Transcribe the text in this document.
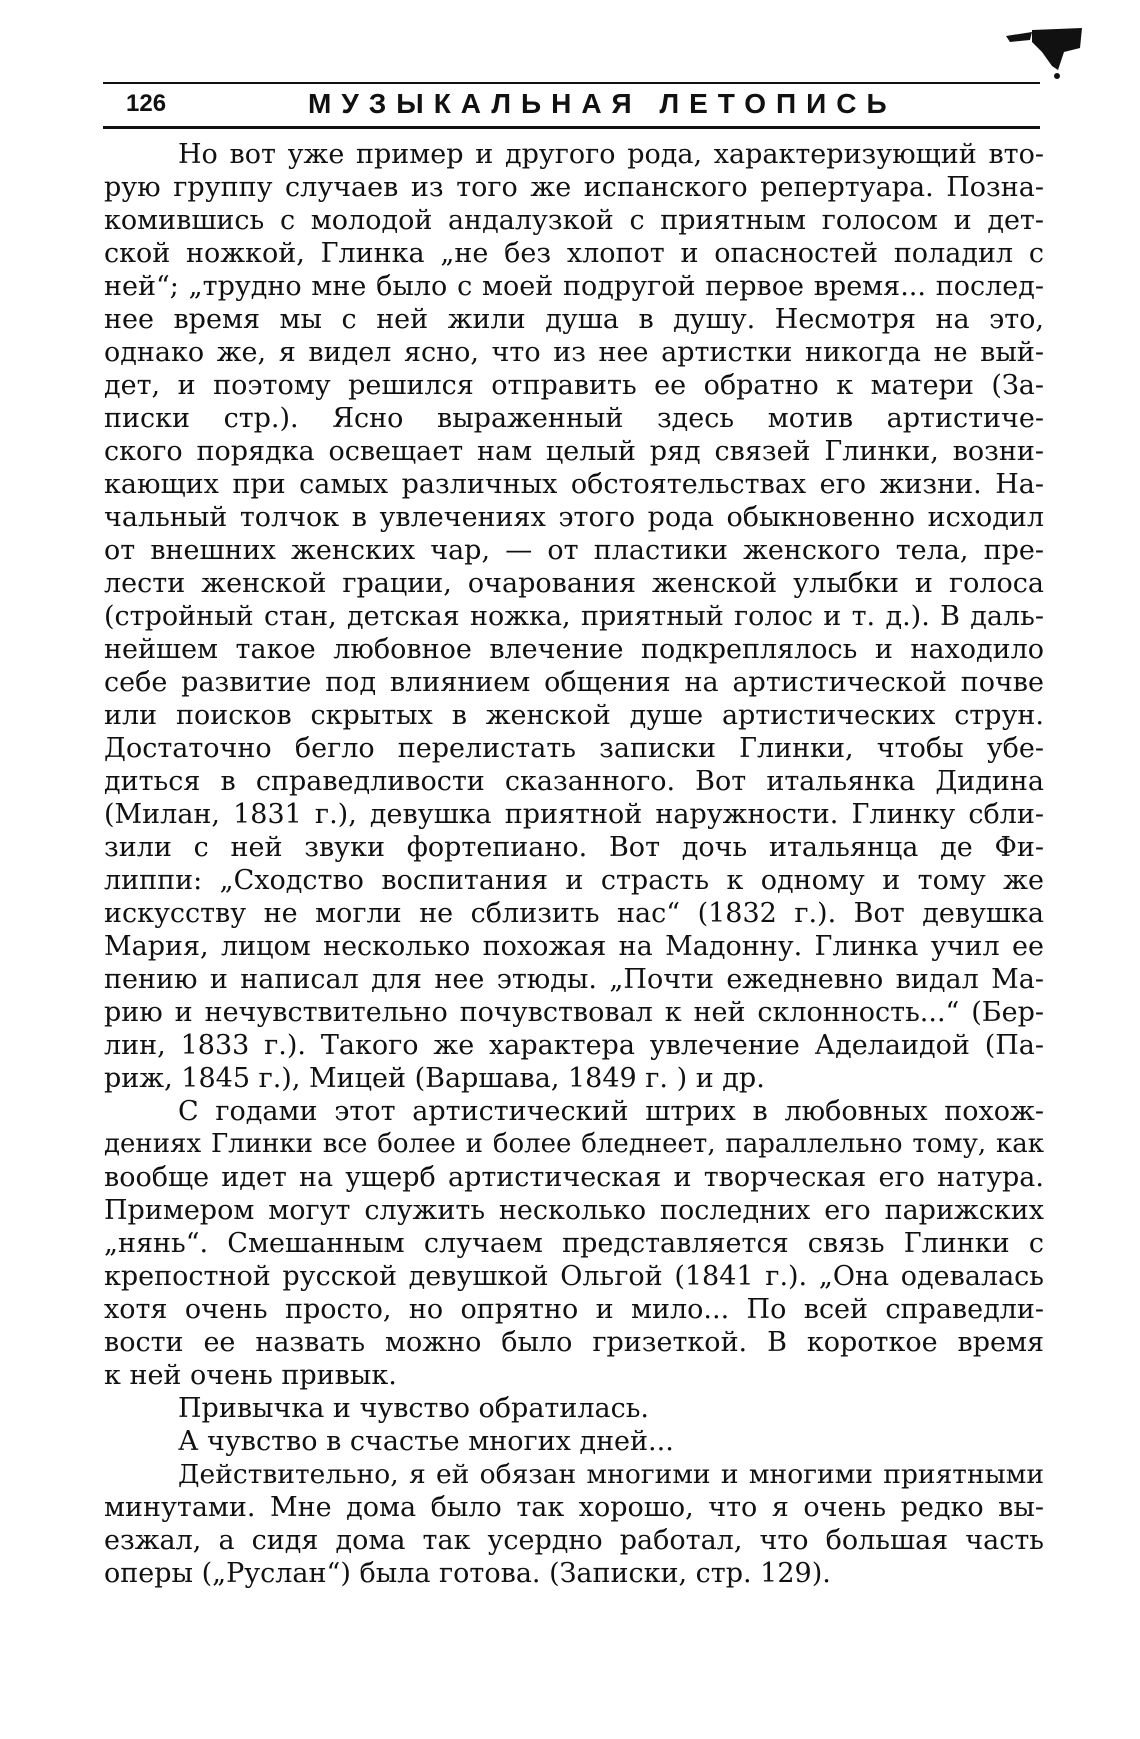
126	МУЗЫКАЛЬНАЯ ЛЕТОПИСЬ
Но вот уже пример и другого рода, характеризующий вто-
рую группу случаев из того же испанского репертуара. Позна-
комившись с молодой андалузкой с приятным голосом и дет-
ской ножкой, Глинка „не без хлопот и опасностей поладил с
ней“; „трудно мне было с моей подругой первое время... послед-
нее время мы с ней жили душа в душу. Несмотря на это,
однако же, я видел ясно, что из нее артистки никогда не вый-
дет, и поэтому решился отправить ее обратно к матери (За-
писки стр.). Ясно выраженный здесь мотив артистиче-
ского порядка освещает нам целый ряд связей Глинки, возни-
кающих при самых различных обстоятельствах его жизни. На-
чальный толчок в увлечениях этого рода обыкновенно исходил
от внешних женских чар, — от пластики женского тела, пре-
лести женской грации, очарования женской улыбки и голоса
(стройный стан, детская ножка, приятный голос и т. д.). В даль-
нейшем такое любовное влечение подкреплялось и находило
себе развитие под влиянием общения на артистической почве
или поисков скрытых в женской душе артистических струн.
Достаточно бегло перелистать записки Глинки, чтобы убе-
диться в справедливости сказанного. Вот итальянка Дидина
(Милан, 1831 г.), девушка приятной наружности. Глинку сбли-
зили с ней звуки фортепиано. Вот дочь итальянца де Фи-
липпи: „Сходство воспитания и страсть к одному и тому же
искусству не могли не сблизить нас“ (1832 г.). Вот девушка
Мария, лицом несколько похожая на Мадонну. Глинка учил ее
пению и написал для нее этюды. „Почти ежедневно видал Ма-
рию и нечувствительно почувствовал к ней склонность...“ (Бер-
лин, 1833 г.). Такого же характера увлечение Аделаидой (Па-
риж, 1845 г.), Мицей (Варшава, 1849 г. ) и др.
С годами этот артистический штрих в любовных похож-
дениях Глинки все более и более бледнеет, параллельно тому, как
вообще идет на ущерб артистическая и творческая его натура.
Примером могут служить несколько последних его парижских
„нянь“. Смешанным случаем представляется связь Глинки с
крепостной русской девушкой Ольгой (1841 г.). „Она одевалась
хотя очень просто, но опрятно и мило... По всей справедли-
вости ее назвать можно было гризеткой. В короткое время
к ней очень привык.
Привычка и чувство обратилась.
А чувство в счастье многих дней...
Действительно, я ей обязан многими и многими приятными
минутами. Мне дома было так хорошо, что я очень редко вы-
езжал, а сидя дома так усердно работал, что большая часть
оперы („Руслан“) была готова. (Записки, стр. 129).
